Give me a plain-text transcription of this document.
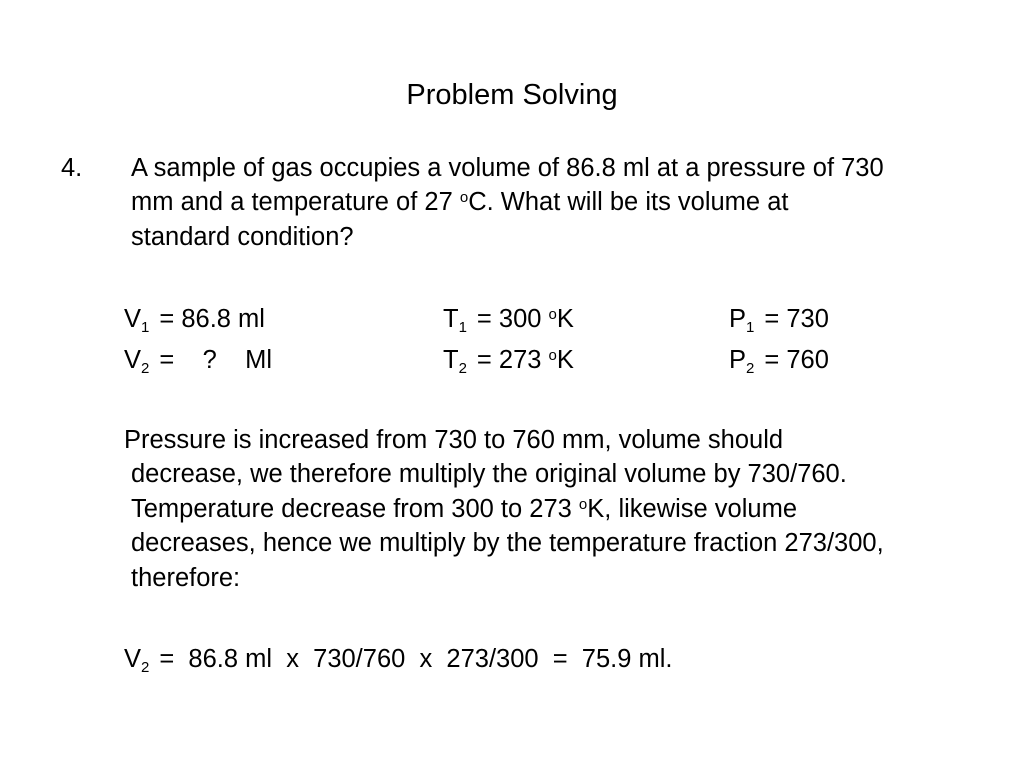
Problem Solving
4. A sample of gas occupies a volume of 86.8 ml at a pressure of 730
mm and a temperature of 27 $^o$C. What will be its volume at
standard condition?
$V_1 = 86.8$ ml	$T_1 = 300$ $^o$K	$P_1 = 730$
$V_2$ =    ?    Ml	$T_2 = 273$ $^o$K	$P_2 = 760$
Pressure is increased from 730 to 760 mm, volume should
decrease, we therefore multiply the original volume by 730/760.
Temperature decrease from 300 to 273 $^o$K, likewise volume
decreases, hence we multiply by the temperature fraction 273/300,
therefore:
$V_2 = 86.8$ ml  x  730/760  x  273/300  =  75.9 ml.
